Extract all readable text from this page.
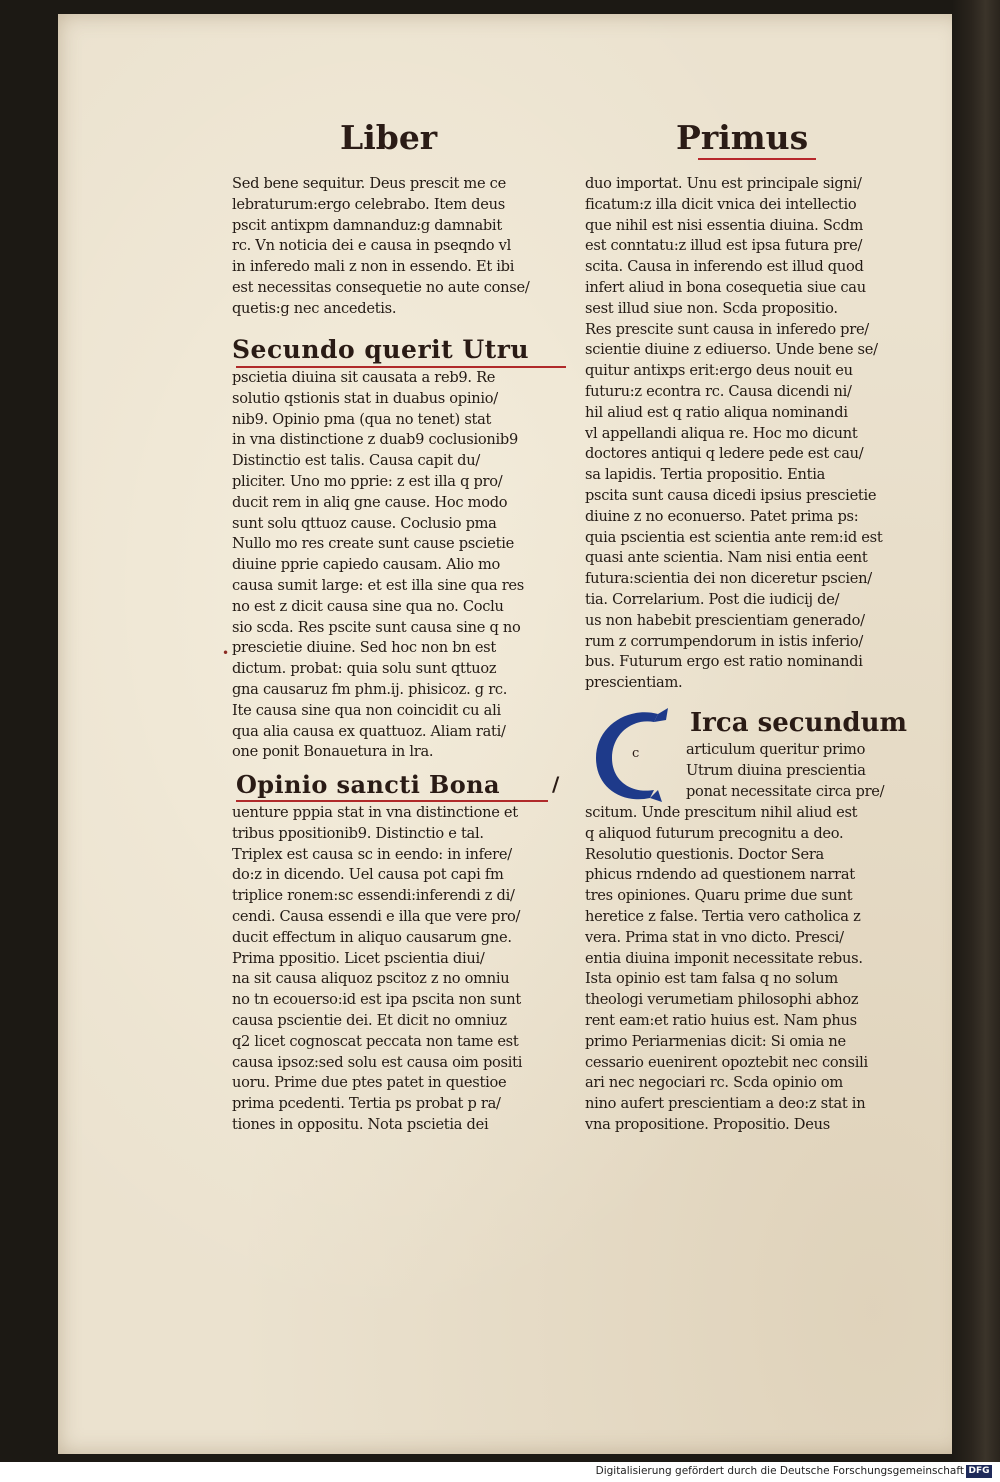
Liber	Primus
Sed bene sequitur. Deus prescit me ce
lebraturum:ergo celebrabo. Item deus
pscit antixpm damnanduz:g damnabit
rc. Vn noticia dei e causa in pseqndo vl
in inferedo mali z non in essendo. Et ibi
est necessitas consequetie no aute conse/
quetis:g nec ancedetis.
Secundo querit Utru
pscietia diuina sit causata a reb9. Re
solutio qstionis stat in duabus opinio/
nib9. Opinio pma (qua no tenet) stat
in vna distinctione z duab9 coclusionib9
Distinctio est talis. Causa capit du/
pliciter. Uno mo pprie: z est illa q pro/
ducit rem in aliq gne cause. Hoc modo
sunt solu qttuoz cause. Coclusio pma
Nullo mo res create sunt cause pscietie
diuine pprie capiedo causam. Alio mo
causa sumit large: et est illa sine qua res
no est z dicit causa sine qua no. Coclu
sio scda. Res pscite sunt causa sine q no
prescietie diuine. Sed hoc non bn est
dictum. probat: quia solu sunt qttuoz
gna causaruz fm phm.ij. phisicoz. g rc.
Ite causa sine qua non coincidit cu ali
qua alia causa ex quattuoz. Aliam rati/
one ponit Bonauetura in lra.
•
Opinio sancti Bona	/
uenture pppia stat in vna distinctione et
tribus ppositionib9. Distinctio e tal.
Triplex est causa sc in eendo: in infere/
do:z in dicendo. Uel causa pot capi fm
triplice ronem:sc essendi:inferendi z di/
cendi. Causa essendi e illa que vere pro/
ducit effectum in aliquo causarum gne.
Prima ppositio. Licet pscientia diui/
na sit causa aliquoz pscitoz z no omniu
no tn ecouerso:id est ipa pscita non sunt
causa pscientie dei. Et dicit no omniuz
q2 licet cognoscat peccata non tame est
causa ipsoz:sed solu est causa oim positi
uoru. Prime due ptes patet in questioe
prima pcedenti. Tertia ps probat p ra/
tiones in oppositu. Nota pscietia dei
duo importat. Unu est principale signi/
ficatum:z illa dicit vnica dei intellectio
que nihil est nisi essentia diuina. Scdm
est conntatu:z illud est ipsa futura pre/
scita. Causa in inferendo est illud quod
infert aliud in bona cosequetia siue cau
sest illud siue non. Scda propositio.
Res prescite sunt causa in inferedo pre/
scientie diuine z ediuerso. Unde bene se/
quitur antixps erit:ergo deus nouit eu
futuru:z econtra rc. Causa dicendi ni/
hil aliud est q ratio aliqua nominandi
vl appellandi aliqua re. Hoc mo dicunt
doctores antiqui q ledere pede est cau/
sa lapidis. Tertia propositio. Entia
pscita sunt causa dicedi ipsius prescietie
diuine z no econuerso. Patet prima ps:
quia pscientia est scientia ante rem:id est
quasi ante scientia. Nam nisi entia eent
futura:scientia dei non diceretur pscien/
tia. Correlarium. Post die iudicij de/
us non habebit prescientiam generado/
rum z corrumpendorum in istis inferio/
bus. Futurum ergo est ratio nominandi
prescientiam.
c
Irca secundum
articulum queritur primo
Utrum diuina prescientia
ponat necessitate circa pre/
scitum. Unde prescitum nihil aliud est
q aliquod futurum precognitu a deo.
Resolutio questionis. Doctor Sera
phicus rndendo ad questionem narrat
tres opiniones. Quaru prime due sunt
heretice z false. Tertia vero catholica z
vera. Prima stat in vno dicto. Presci/
entia diuina imponit necessitate rebus.
Ista opinio est tam falsa q no solum
theologi verumetiam philosophi abhoz
rent eam:et ratio huius est. Nam phus
primo Periarmenias dicit: Si omia ne
cessario euenirent opoztebit nec consili
ari nec negociari rc. Scda opinio om
nino aufert prescientiam a deo:z stat in
vna propositione. Propositio. Deus
Digitalisierung gefördert durch die Deutsche Forschungsgemeinschaft DFG
